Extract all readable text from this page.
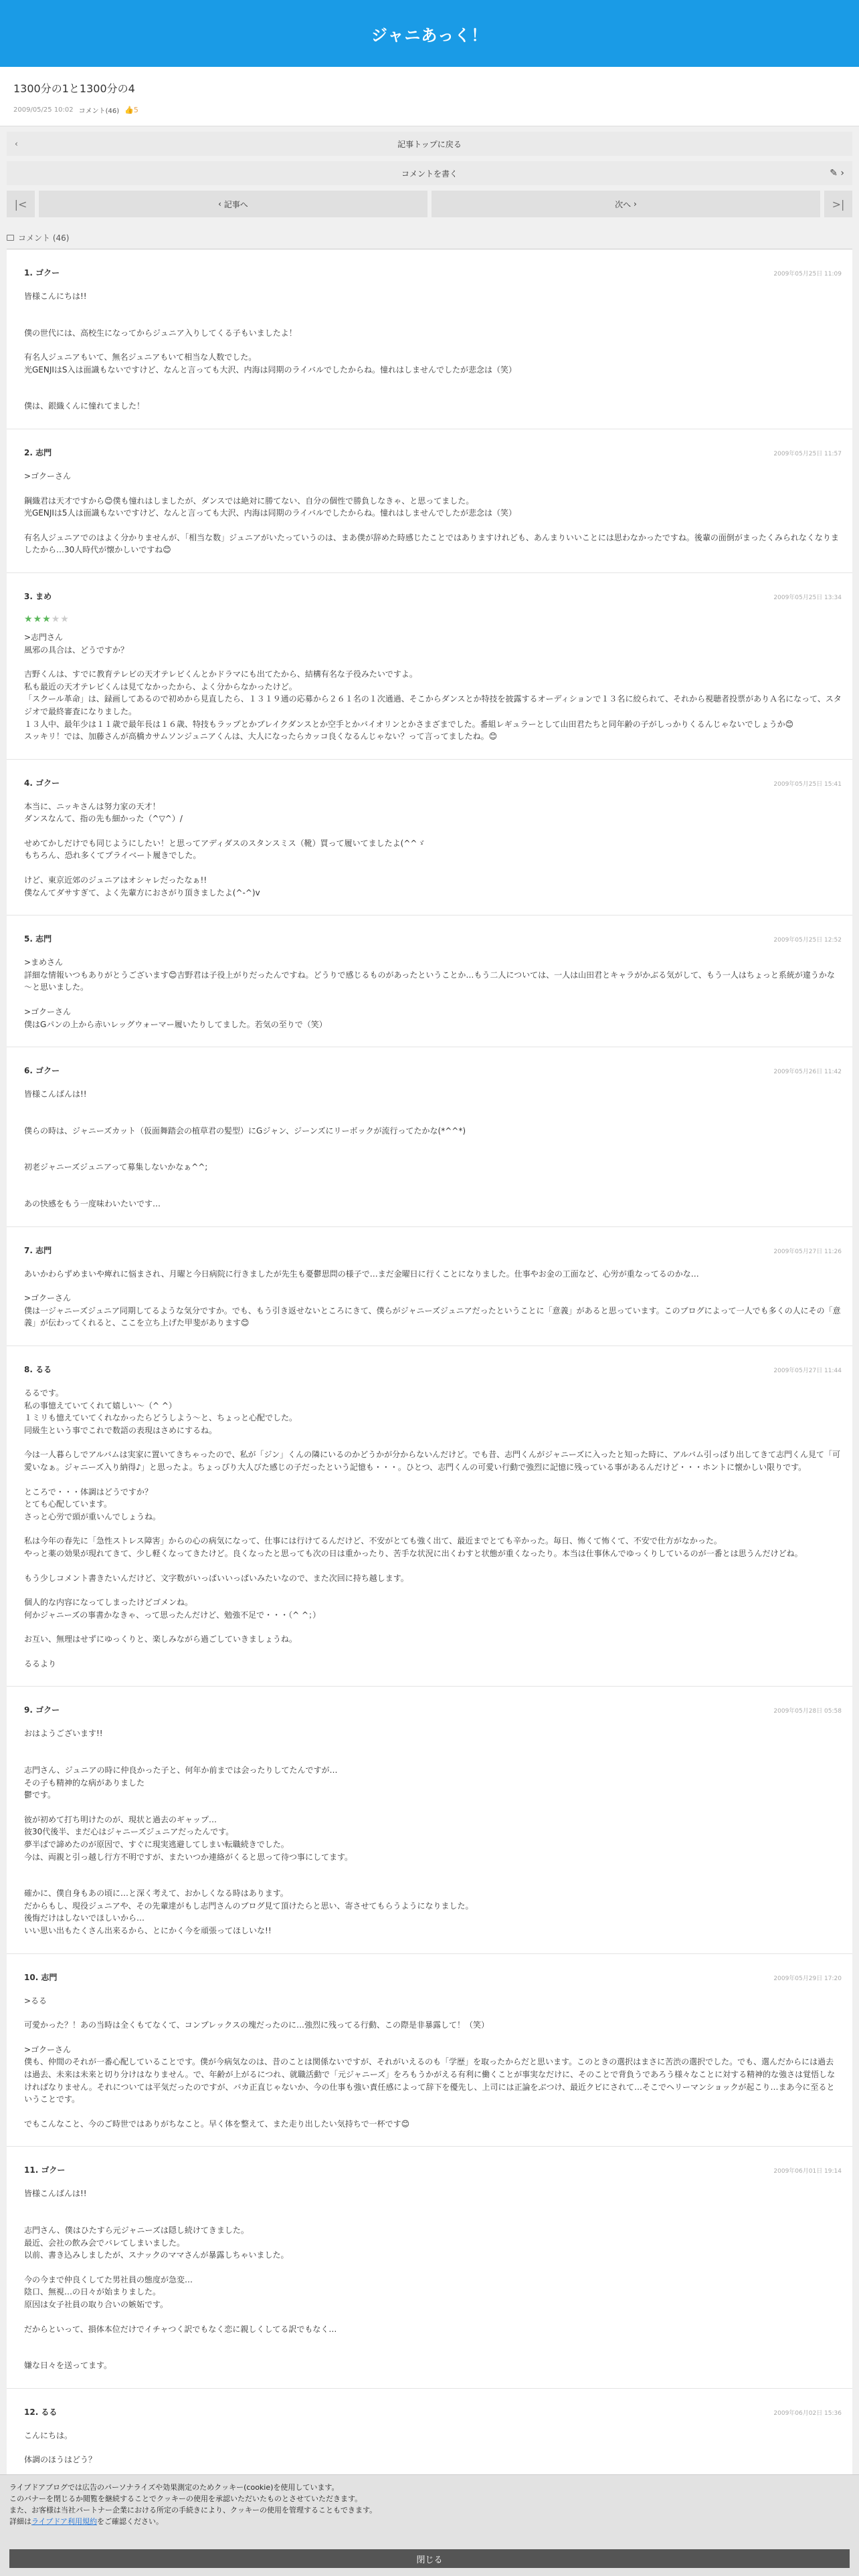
ジャニあっく！
1300分の1と1300分の4
2009/05/25 10:02 コメント(46) 👍5
‹	記事トップに戻る
コメントを書く	✎ ›
|<	‹ 記事へ	次へ ›	>|
コメント (46)
1. ゴクー	2009年05月25日 11:09
皆様こんにちは!!
僕の世代には、高校生になってからジュニア入りしてくる子もいましたよ！
有名人ジュニアもいて、無名ジュニアもいて相当な人数でした。
光GENJIはS入は面識もないですけど、なんと言っても大沢、内海は同期のライバルでしたからね。憧れはしませんでしたが悲念は（笑）
僕は、銀織くんに憧れてました！
2. 志門	2009年05月25日 11:57
>ゴクーさん
鋼織君は天才ですから😊僕も憧れはしましたが、ダンスでは絶対に勝てない、自分の個性で勝負しなきゃ、と思ってました。
光GENJIは5人は面識もないですけど、なんと言っても大沢、内海は同期のライバルでしたからね。憧れはしませんでしたが悲念は（笑）
有名人ジュニアでのはよく分かりませんが、「相当な数」ジュニアがいたっていうのは、まあ僕が辞めた時感じたことではありますけれども、あんまりいいことには思わなかったですね。後輩の面倒がまったくみられなくなりましたから…30人時代が懐かしいですね😊
3. まめ	2009年05月25日 13:34
★★★★★
>志門さん
風邪の具合は、どうですか？
吉野くんは、すでに教育テレビの天才テレビくんとかドラマにも出てたから、結構有名な子役みたいですよ。
私も最近の天才テレビくんは見てなかったから、よく分からなかったけど。
「スクール革命」は、録画してあるので初めから見直したら、１３１９通の応募から２６１名の１次通過、そこからダンスとか特技を披露するオーディションで１３名に絞られて、それから視聴者投票がありＡ名になって、スタジオで最終審査になりました。
１３人中、最年少は１１歳で最年長は１６歳、特技もラップとかブレイクダンスとか空手とかバイオリンとかさまざまでした。番組レギュラーとして山田君たちと同年齢の子がしっかりくるんじゃないでしょうか😊
スッキリ！では、加藤さんが高橋カサムソンジュニアくんは、大人になったらカッコ良くなるんじゃない？って言ってましたね。😊
4. ゴクー	2009年05月25日 15:41
本当に、ニッキさんは努力家の天才！
ダンスなんて、指の先も細かった（^▽^）/
せめてかしだけでも同じようにしたい！と思ってアディダスのスタンスミス（靴）買って履いてましたよ(^^ゞ
もちろん、恐れ多くてプライベート履きでした。
けど、東京近郊のジュニアはオシャレだったなぁ!!
僕なんてダサすぎて、よく先輩方におさがり頂きましたよ(^-^)v
5. 志門	2009年05月25日 12:52
>まめさん
詳細な情報いつもありがとうございます😊吉野君は子役上がりだったんですね。どうりで感じるものがあったということか…もう二人については、一人は山田君とキャラがかぶる気がして、もう一人はちょっと系統が違うかな～と思いました。
>ゴクーさん
僕はGパンの上から赤いレッグウォーマー履いたりしてました。若気の至りで（笑）
6. ゴクー	2009年05月26日 11:42
皆様こんばんは!!
僕らの時は、ジャニーズカット（仮面舞踏会の植草君の髪型）にGジャン、ジーンズにリーボックが流行ってたかな(*^^*)
初老ジャニーズジュニアって募集しないかなぁ^^;
あの快感をもう一度味わいたいです…
7. 志門	2009年05月27日 11:26
あいかわらずめまいや痺れに悩まされ、月曜と今日病院に行きましたが先生も憂鬱思問の様子で…まだ金曜日に行くことになりました。仕事やお金の工面など、心労が重なってるのかな…
>ゴクーさん
僕は一ジャニーズジュニア同期してるような気分ですか。でも、もう引き返せないところにきて、僕らがジャニーズジュニアだったということに「意義」があると思っています。このブログによって一人でも多くの人にその「意義」が伝わってくれると、ここを立ち上げた甲斐があります😊
8. るる	2009年05月27日 11:44
るるです。
私の事憶えていてくれて嬉しい〜（^ ^）
１ミリも憶えていてくれなかったらどうしよう〜と、ちょっと心配でした。
同級生という事でこれで数語の表現はさめにするね。
今は一人暮らしでアルバムは実家に置いてきちゃったので、私が「ジン」くんの隣にいるのかどうかが分からないんだけど。でも昔、志門くんがジャニーズに入ったと知った時に、アルバム引っぱり出してきて志門くん見て「可愛いなぁ。ジャニーズ入り納得♪」と思ったよ。ちょっぴり大人びた感じの子だったという記憶も・・・。ひとつ、志門くんの可愛い行動で強烈に記憶に残っている事があるんだけど・・・ホントに懐かしい限りです。
ところで・・・体調はどうですか？
とても心配しています。
さっと心労で頭が重いんでしょうね。
私は今年の春先に「急性ストレス障害」からの心の病気になって、仕事には行けてるんだけど、不安がとても強く出て、最近までとても辛かった。毎日、怖くて怖くて、不安で仕方がなかった。
やっと薬の効果が現れてきて、少し軽くなってきたけど。良くなったと思っても次の日は重かったり、苦手な状況に出くわすと状態が重くなったり。本当は仕事休んでゆっくりしているのが一番とは思うんだけどね。
もう少しコメント書きたいんだけど、文字数がいっぱいいっぱいみたいなので、また次回に持ち越します。
個人的な内容になってしまったけどゴメンね。
何かジャニーズの事書かなきゃ、って思ったんだけど、勉強不足で・・・（^ ^；）
お互い、無理はせずにゆっくりと、楽しみながら過ごしていきましょうね。
るるより
9. ゴクー	2009年05月28日 05:58
おはようございます!!
志門さん、ジュニアの時に仲良かった子と、何年か前までは会ったりしてたんですが…
その子も精神的な病がありました
鬱です。
彼が初めて打ち明けたのが、現状と過去のギャップ…
彼30代後半、まだ心はジャニーズジュニアだったんです。
夢半ばで諦めたのが原因で、すぐに現実逃避してしまい転職続きでした。
今は、両親と引っ越し行方不明ですが、またいつか連絡がくると思って待つ事にしてます。
確かに、僕自身もあの頃に…と深く考えて、おかしくなる時はあります。
だからもし、現役ジュニアや、その先輩達がもし志門さんのブログ見て頂けたらと思い、寄させてもらうようになりました。
後悔だけはしないでほしいから…
いい思い出もたくさん出来るから、とにかく今を頑張ってほしいな!!
10. 志門	2009年05月29日 17:20
>るる
可愛かった？！あの当時は全くもてなくて、コンプレックスの塊だったのに…強烈に残ってる行動、この際是非暴露して！（笑）
>ゴクーさん
僕も、仲間のそれが一番心配していることです。僕が今病気なのは、昔のことは関係ないですが、それがいえるのも「学歴」を取ったからだと思います。このときの選択はまさに苦渋の選択でした。でも、選んだからには過去は過去、未来は未来と切り分けはなりません。で、年齢が上がるにつれ、就職活動で「元ジャニーズ」をろもうかがえる有利に働くことが事実なだけに、そのことで背負うであろう様々なことに対する精神的な強さは覚悟しなければなりません。それについては平気だったのですが、バカ正直じゃないか、今の仕事も強い責任感によって辞下を優先し、上司には正論をぶつけ、最近クビにされて…そこでヘリーマンショックが起こり…まあ今に至るということです。
でもこんなこと、今のご時世ではありがちなこと。早く体を整えて、また走り出したい気持ちで一杯です😊
11. ゴクー	2009年06月01日 19:14
皆様こんばんは!!
志門さん、僕はひたすら元ジャニーズは隠し続けてきました。
最近、会社の飲み会でバレてしまいました。
以前、書き込みしましたが、スナックのママさんが暴露しちゃいました。
今の今まで仲良くしてた男社員の態度が急変…
陰口、無視…の日々が始まりました。
原因は女子社員の取り合いの嫉妬です。
だからといって、損体本位だけでイチャつく訳でもなく恋に親しくしてる訳でもなく…
嫌な日々を送ってます。
12. るる	2009年06月02日 15:36
こんにちは。
体調のほうはどう？
ライブドアブログでは広告のパーソナライズや効果測定のためクッキー(cookie)を使用しています。
このバナーを閉じるか閲覧を継続することでクッキーの使用を承認いただいたものとさせていただきます。
また、お客様は当社パートナー企業における所定の手続きにより、クッキーの使用を管理することもできます。
詳細はライブドア利用規約をご確認ください。
閉じる
